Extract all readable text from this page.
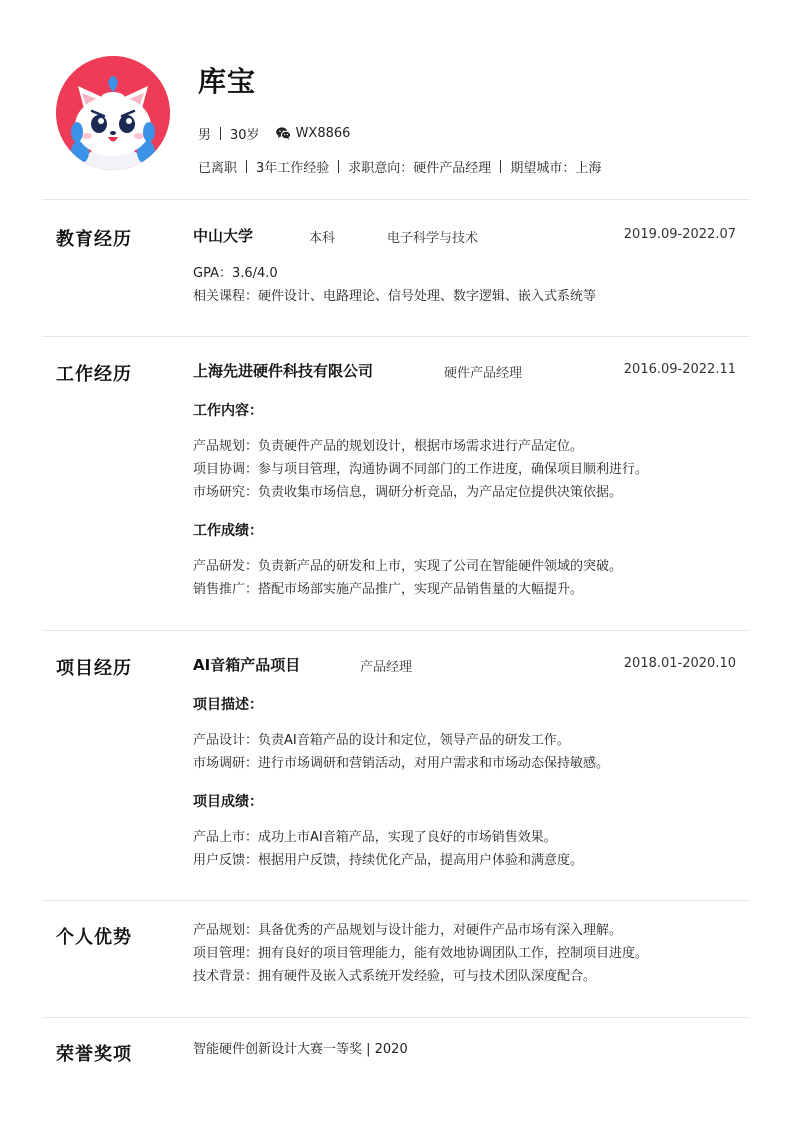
库宝
男 30岁	WX8866
已离职 3年工作经验 求职意向：硬件产品经理 期望城市：上海
教育经历	中山大学	本科	电子科学与技术	2019.09-2022.07
GPA：3.6/4.0
相关课程：硬件设计、电路理论、信号处理、数字逻辑、嵌入式系统等
工作经历	上海先进硬件科技有限公司	硬件产品经理	2016.09-2022.11
工作内容：
产品规划：负责硬件产品的规划设计，根据市场需求进行产品定位。
项目协调：参与项目管理，沟通协调不同部门的工作进度，确保项目顺利进行。
市场研究：负责收集市场信息，调研分析竞品，为产品定位提供决策依据。
工作成绩：
产品研发：负责新产品的研发和上市，实现了公司在智能硬件领域的突破。
销售推广：搭配市场部实施产品推广，实现产品销售量的大幅提升。
项目经历	AI音箱产品项目	产品经理	2018.01-2020.10
项目描述：
产品设计：负责AI音箱产品的设计和定位，领导产品的研发工作。
市场调研：进行市场调研和营销活动，对用户需求和市场动态保持敏感。
项目成绩：
产品上市：成功上市AI音箱产品，实现了良好的市场销售效果。
用户反馈：根据用户反馈，持续优化产品，提高用户体验和满意度。
个人优势	产品规划：具备优秀的产品规划与设计能力，对硬件产品市场有深入理解。
项目管理：拥有良好的项目管理能力，能有效地协调团队工作，控制项目进度。
技术背景：拥有硬件及嵌入式系统开发经验，可与技术团队深度配合。
荣誉奖项	智能硬件创新设计大赛一等奖 | 2020
